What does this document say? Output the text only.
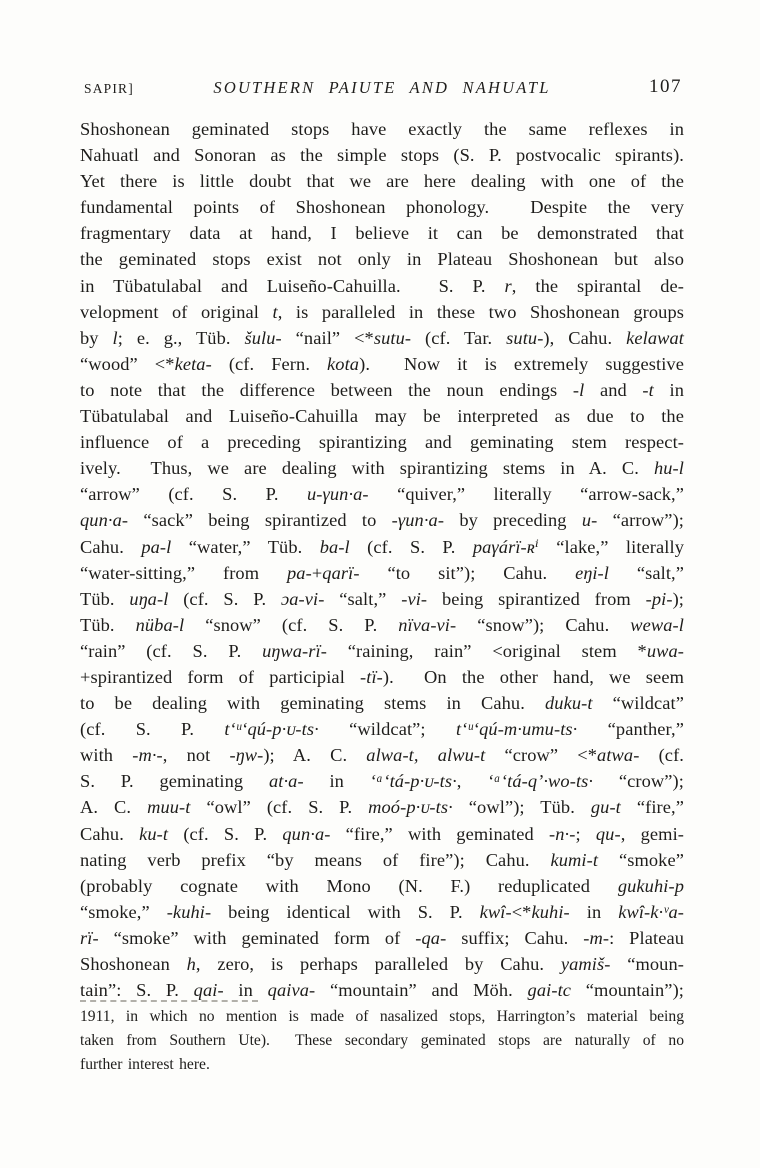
SAPIR]	SOUTHERN PAIUTE AND NAHUATL	107
Shoshonean geminated stops have exactly the same reflexes in
Nahuatl and Sonoran as the simple stops (S. P. postvocalic spirants).
Yet there is little doubt that we are here dealing with one of the
fundamental points of Shoshonean phonology.  Despite the very
fragmentary data at hand, I believe it can be demonstrated that
the geminated stops exist not only in Plateau Shoshonean but also
in Tübatulabal and Luiseño-Cahuilla.  S. P. r, the spirantal de-
velopment of original t, is paralleled in these two Shoshonean groups
by l; e. g., Tüb. šulu- “nail” <*sutu- (cf. Tar. sutu-), Cahu. kelawat
“wood” <*keta- (cf. Fern. kota).  Now it is extremely suggestive
to note that the difference between the noun endings -l and -t in
Tübatulabal and Luiseño-Cahuilla may be interpreted as due to the
influence of a preceding spirantizing and geminating stem respect-
ively.  Thus, we are dealing with spirantizing stems in A. C. hu-l
“arrow” (cf. S. P. u-γun·a- “quiver,” literally “arrow-sack,”
qun·a- “sack” being spirantized to -γun·a- by preceding u- “arrow”);
Cahu. pa-l “water,” Tüb. ba-l (cf. S. P. paγárï-ʀⁱ “lake,” literally
“water-sitting,” from pa-+qarï- “to sit”); Cahu. eŋi-l “salt,”
Tüb. uŋa-l (cf. S. P. ɔa-vi- “salt,” -vi- being spirantized from -pi-);
Tüb. nüba-l “snow” (cf. S. P. nïva-vi- “snow”); Cahu. wewa-l
“rain” (cf. S. P. uŋwa-rï- “raining, rain” <original stem *uwa-
+spirantized form of participial -tï-).  On the other hand, we seem
to be dealing with geminating stems in Cahu. duku-t “wildcat”
(cf. S. P. tʻᵘʻqú-p·ᴜ-ts· “wildcat”; tʻᵘʻqú-m·umu-ts· “panther,”
with -m·-, not -ŋw-); A. C. alwa-t, alwu-t “crow” <*atwa- (cf.
S. P. geminating at·a- in ʻᵃʻtá-p·ᴜ-ts·, ʻᵃʻtá-q’·wo-ts· “crow”);
A. C. muu-t “owl” (cf. S. P. moó-p·ᴜ-ts· “owl”); Tüb. gu-t “fire,”
Cahu. ku-t (cf. S. P. qun·a- “fire,” with geminated -n·-; qu-, gemi-
nating verb prefix “by means of fire”); Cahu. kumi-t “smoke”
(probably cognate with Mono (N. F.) reduplicated gukuhi-p
“smoke,” -kuhi- being identical with S. P. kwî-<*kuhi- in kwî-k·ᵛa-
rï- “smoke” with geminated form of -qa- suffix; Cahu. -m-: Plateau
Shoshonean h, zero, is perhaps paralleled by Cahu. yamiš- “moun-
tain”: S. P. qai- in qaiva- “mountain” and Möh. gai-tc “mountain”);
1911, in which no mention is made of nasalized stops, Harrington’s material being
taken from Southern Ute).  These secondary geminated stops are naturally of no
further interest here.
